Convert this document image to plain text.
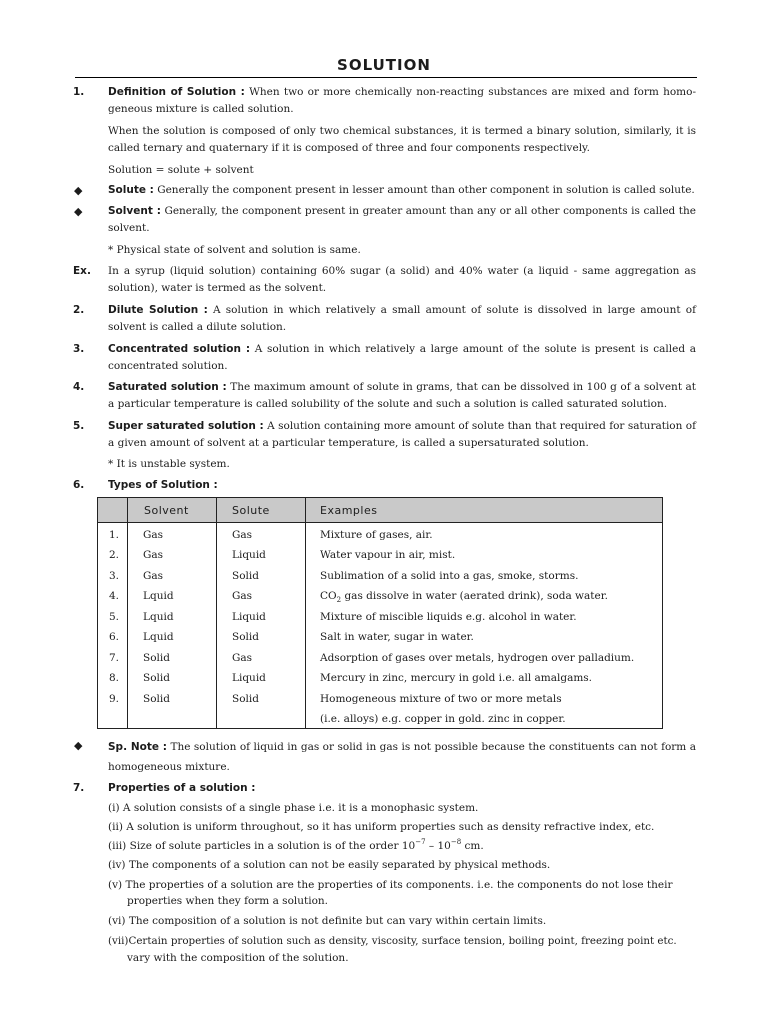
SOLUTION
1.	Definition of Solution : When two or more chemically non-reacting substances are mixed and form homo-geneous mixture is called solution.
When the solution is composed of only two chemical substances, it is termed a binary solution, similarly, it is called ternary and quaternary if it is composed of three and four components respectively.
Solution = solute + solvent
◆ Solute : Generally the component present in lesser amount than other component in solution is called solute.
◆ Solvent : Generally, the component present in greater amount than any or all other components is called the solvent.
* Physical state of solvent and solution is same.
Ex.	In a syrup (liquid solution) containing 60% sugar (a solid) and 40% water (a liquid - same aggregation as solution), water is termed as the solvent.
2.	Dilute Solution : A solution in which relatively a small amount of solute is dissolved in large amount of solvent is called a dilute solution.
3.	Concentrated solution : A solution in which relatively a large amount of the solute is present is called a concentrated solution.
4.	Saturated solution : The maximum amount of solute in grams, that can be dissolved in 100 g of a solvent at a particular temperature is called solubility of the solute and such a solution is called saturated solution.
5.	Super saturated solution : A solution containing more amount of solute than that required for saturation of a given amount of solvent at a particular temperature, is called a supersaturated solution.
* It is unstable system.
6.	Types of Solution :
Solvent	Solute	Examples
1. Gas	Gas	Mixture of gases, air.
2. Gas	Liquid	Water vapour in air, mist.
3. Gas	Solid	Sublimation of a solid into a gas, smoke, storms.
4. Lquid	Gas	$CO_2$ gas dissolve in water (aerated drink), soda water.
5. Lquid	Liquid	Mixture of miscible liquids e.g. alcohol in water.
6. Lquid	Solid	Salt in water, sugar in water.
7. Solid	Gas	Adsorption of gases over metals, hydrogen over palladium.
8. Solid	Liquid	Mercury in zinc, mercury in gold i.e. all amalgams.
9. Solid	Solid	Homogeneous mixture of two or more metals
(i.e. alloys) e.g. copper in gold. zinc in copper.
◆ Sp. Note : The solution of liquid in gas or solid in gas is not possible because the constituents can not form a homogeneous mixture.
7.	Properties of a solution :
(i) A solution consists of a single phase i.e. it is a monophasic system.
(ii) A solution is uniform throughout, so it has uniform properties such as density refractive index, etc.
(iii) Size of solute particles in a solution is of the order $10^{-7} - 10^{-8}$ cm.
(iv) The components of a solution can not be easily separated by physical methods.
(v) The properties of a solution are the properties of its components. i.e. the components do not lose their
properties when they form a solution.
(vi) The composition of a solution is not definite but can vary within certain limits.
(vii)Certain properties of solution such as density, viscosity, surface tension, boiling point, freezing point etc.
vary with the composition of the solution.
